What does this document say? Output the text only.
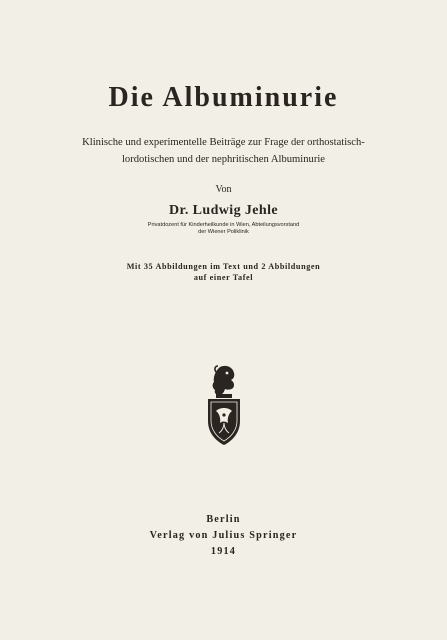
Die Albuminurie
Klinische und experimentelle Beiträge zur Frage der orthostatisch-
lordotischen und der nephritischen Albuminurie
Von
Dr. Ludwig Jehle
Privatdozent für Kinderheilkunde in Wien, Abteilungsvorstand
der Wiener Poliklinik
Mit 35 Abbildungen im Text und 2 Abbildungen
auf einer Tafel
Berlin
Verlag von Julius Springer
1914
